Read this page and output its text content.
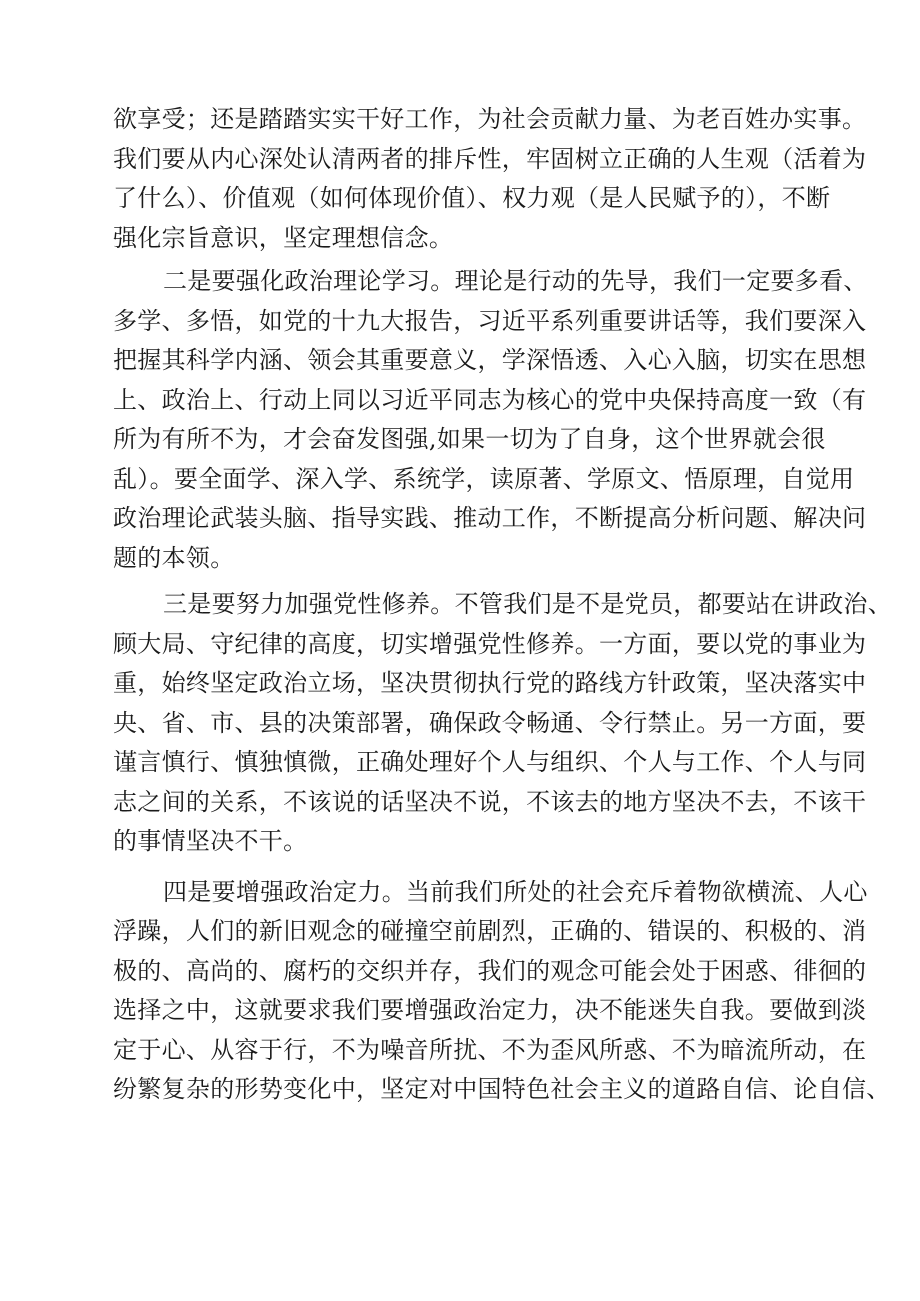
欲享受；还是踏踏实实干好工作，为社会贡献力量、为老百姓办实事。
我们要从内心深处认清两者的排斥性，牢固树立正确的人生观（活着为
了什么）、价值观（如何体现价值）、权力观（是人民赋予的），不断
强化宗旨意识，坚定理想信念。

二是要强化政治理论学习。理论是行动的先导，我们一定要多看、
多学、多悟，如党的十九大报告，习近平系列重要讲话等，我们要深入
把握其科学内涵、领会其重要意义，学深悟透、入心入脑，切实在思想
上、政治上、行动上同以习近平同志为核心的党中央保持高度一致（有
所为有所不为，才会奋发图强,如果一切为了自身，这个世界就会很
乱）。要全面学、深入学、系统学，读原著、学原文、悟原理，自觉用
政治理论武装头脑、指导实践、推动工作，不断提高分析问题、解决问
题的本领。

三是要努力加强党性修养。不管我们是不是党员，都要站在讲政治、
顾大局、守纪律的高度，切实增强党性修养。一方面，要以党的事业为
重，始终坚定政治立场，坚决贯彻执行党的路线方针政策，坚决落实中
央、省、市、县的决策部署，确保政令畅通、令行禁止。另一方面，要
谨言慎行、慎独慎微，正确处理好个人与组织、个人与工作、个人与同
志之间的关系，不该说的话坚决不说，不该去的地方坚决不去，不该干
的事情坚决不干。

四是要增强政治定力。当前我们所处的社会充斥着物欲横流、人心
浮躁，人们的新旧观念的碰撞空前剧烈，正确的、错误的、积极的、消
极的、高尚的、腐朽的交织并存，我们的观念可能会处于困惑、徘徊的
选择之中，这就要求我们要增强政治定力，决不能迷失自我。要做到淡
定于心、从容于行，不为噪音所扰、不为歪风所惑、不为暗流所动，在
纷繁复杂的形势变化中，坚定对中国特色社会主义的道路自信、论自信、
